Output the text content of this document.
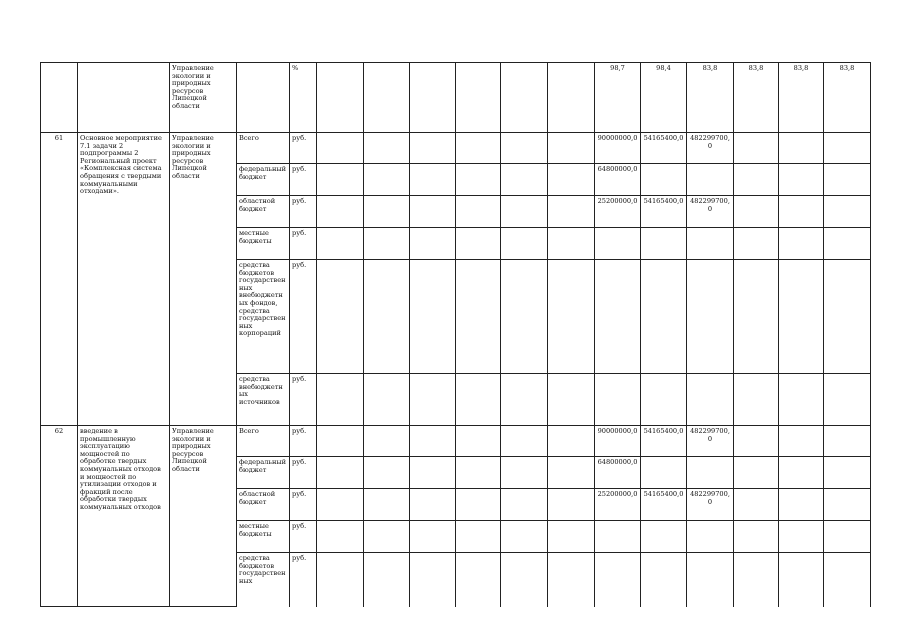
		Управление экологии и природных ресурсов Липецкой области		%							98,7	98,4	83,8	83,8	83,8	83,8
61	Основное мероприятие 7.1 задачи 2 подпрограммы 2 Региональный проект «Комплексная система обращения с твердыми коммунальными отходами».	Управление экологии и природных ресурсов Липецкой области	Всего	руб.							90000000,0	54165400,0	482299700,0			
			федеральный бюджет	руб.							64800000,0					
			областной бюджет	руб.							25200000,0	54165400,0	482299700,0			
			местные бюджеты	руб.												
			средства бюджетов государственных внебюджетных фондов, средства государственных корпораций	руб.												
			средства внебюджетных источников	руб.												
62	введение в промышленную эксплуатацию мощностей по обработке твердых коммунальных отходов и мощностей по утилизации отходов и фракций после обработки твердых коммунальных отходов	Управление экологии и природных ресурсов Липецкой области	Всего	руб.							90000000,0	54165400,0	482299700,0			
			федеральный бюджет	руб.							64800000,0					
			областной бюджет	руб.							25200000,0	54165400,0	482299700,0			
			местные бюджеты	руб.												
			средства бюджетов государственных	руб.												
